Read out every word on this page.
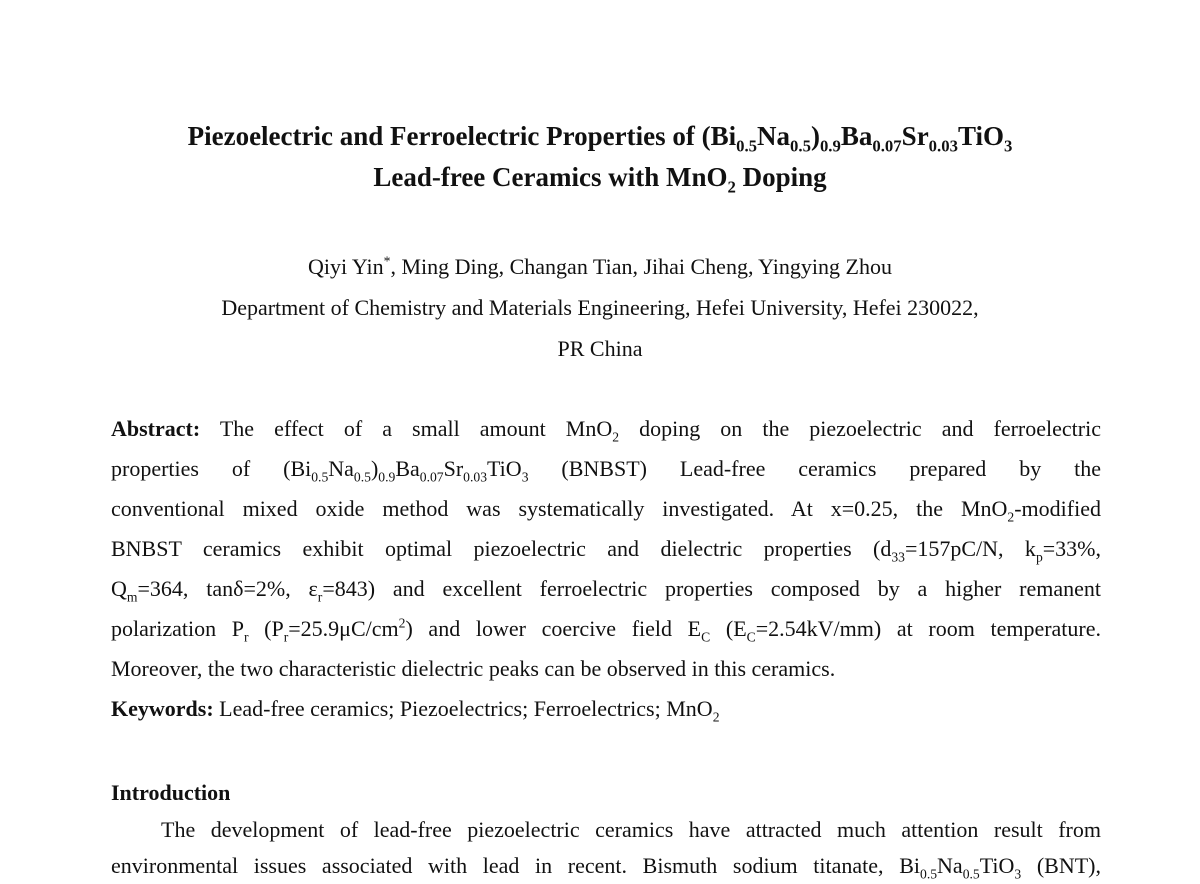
Piezoelectric and Ferroelectric Properties of $(Bi_{0.5}Na_{0.5})_{0.9}Ba_{0.07}Sr_{0.03}TiO_3$
Lead-free Ceramics with MnO$_2$ Doping
Qiyi Yin*, Ming Ding, Changan Tian, Jihai Cheng, Yingying Zhou
Department of Chemistry and Materials Engineering, Hefei University, Hefei 230022,
PR China
Abstract: The effect of a small amount MnO$_2$ doping on the piezoelectric and ferroelectric
properties of $(Bi_{0.5}Na_{0.5})_{0.9}Ba_{0.07}Sr_{0.03}TiO_3$ (BNBST) Lead-free ceramics prepared by the
conventional mixed oxide method was systematically investigated. At x=0.25, the MnO$_2$-modified
BNBST ceramics exhibit optimal piezoelectric and dielectric properties ($d_{33}=157pC/N$, $k_p=33\%$,
$Q_m=364$, tanδ=2%, $\varepsilon_r=843$) and excellent ferroelectric properties composed by a higher remanent
polarization $P_r$ $(P_r=25.9\mu C/cm^2)$ and lower coercive field $E_C$ $(E_C=2.54kV/mm)$ at room temperature.
Moreover, the two characteristic dielectric peaks can be observed in this ceramics.
Keywords: Lead-free ceramics; Piezoelectrics; Ferroelectrics; MnO$_2$
Introduction
The development of lead-free piezoelectric ceramics have attracted much attention result from
environmental issues associated with lead in recent. Bismuth sodium titanate, $Bi_{0.5}Na_{0.5}TiO_3$ (BNT),
